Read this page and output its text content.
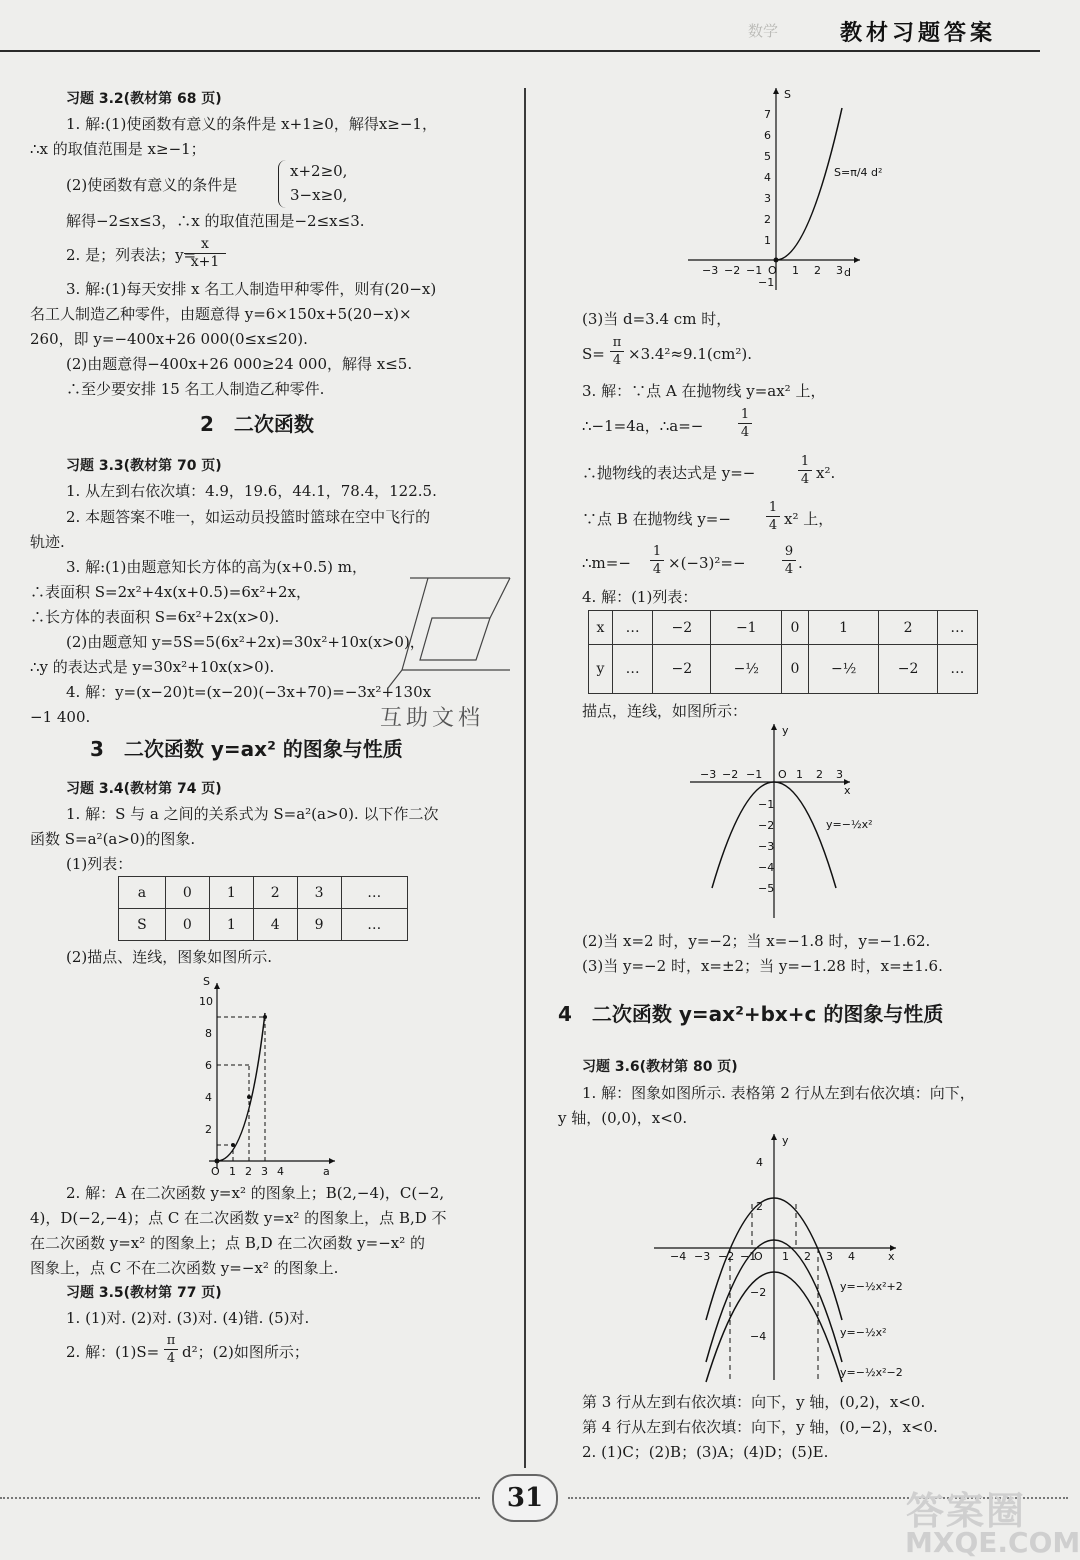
数学	教材习题答案
习题 3.2(教材第 68 页)
1. 解:(1)使函数有意义的条件是 x+1≥0，解得x≥−1，
∴x 的取值范围是 x≥−1；
(2)使函数有意义的条件是
x+2≥0,
3−x≥0,
解得−2≤x≤3，∴x 的取值范围是−2≤x≤3.
2. 是；列表法；y=
$\frac{x}{x+1}$
3. 解:(1)每天安排 x 名工人制造甲种零件，则有(20−x)
名工人制造乙种零件，由题意得 y=6×150x+5(20−x)×
260，即 y=−400x+26 000(0≤x≤20).
(2)由题意得−400x+26 000≥24 000，解得 x≤5.
∴至少要安排 15 名工人制造乙种零件.
2　二次函数
习题 3.3(教材第 70 页)
1. 从左到右依次填：4.9，19.6，44.1，78.4，122.5.
2. 本题答案不唯一，如运动员投篮时篮球在空中飞行的
轨迹.
3. 解:(1)由题意知长方体的高为(x+0.5) m，
∴表面积 S=2x²+4x(x+0.5)=6x²+2x，
∴长方体的表面积 S=6x²+2x(x>0).
(2)由题意知 y=5S=5(6x²+2x)=30x²+10x(x>0)，
∴y 的表达式是 y=30x²+10x(x>0).
4. 解：y=(x−20)t=(x−20)(−3x+70)=−3x²+130x
−1 400.	互助文档
3　二次函数 y=ax² 的图象与性质
习题 3.4(教材第 74 页)
1. 解：S 与 a 之间的关系式为 S=a²(a>0). 以下作二次
函数 S=a²(a>0)的图象.
(1)列表：
a	0	1	2	3	…
S	0	1	4	9	…
(2)描点、连线，图象如图所示.
S
a
O 1 2 3 4
2
4
6
8
10
2. 解：A 在二次函数 y=x² 的图象上；B(2,−4)，C(−2,
4)，D(−2,−4)；点 C 在二次函数 y=x² 的图象上，点 B,D 不
在二次函数 y=x² 的图象上；点 B,D 在二次函数 y=−x² 的
图象上，点 C 不在二次函数 y=−x² 的图象上.
习题 3.5(教材第 77 页)
1. (1)对. (2)对. (3)对. (4)错. (5)对.
2. 解：$(1)S= \frac{\pi}{4} d^2$；(2)如图所示；
S
d
O
−3 −2 −1	1 2 3
−1
1
2
3
4
5
6
7
S=π/4 d²
(3)当 d=3.4 cm 时，
$S= \frac{\pi}{4} \times 3.4^2\approx 9.1(cm^2)$.
3. 解：∵点 A 在抛物线 y=ax² 上，
∴−1=4a，∴a=−	$\frac{1}{4}$
∴抛物线的表达式是 y=−	$\frac{1}{4} x^2$.
∵点 B 在抛物线 y=−	$\frac{1}{4} x^2$ 上，
∴m=− $\frac{1}{4} \times(-3)^2=-$	$\frac{9}{4}$ .
4. 解：(1)列表：
x	…	−2	−1	0	1	2	…
y	…	−2	−½	0	−½	−2	…
描点，连线，如图所示：
y
x
O
−3 −2 −1	1 2 3
−1
−2
−3
−4
−5
y=−½x²
(2)当 x=2 时，y=−2；当 x=−1.8 时，y=−1.62.
(3)当 y=−2 时，x=±2；当 y=−1.28 时，x=±1.6.
4　二次函数 y=ax²+bx+c 的图象与性质
习题 3.6(教材第 80 页)
1. 解：图象如图所示. 表格第 2 行从左到右依次填：向下，
y 轴，(0,0)，x<0.
y
x
O
−4 −3 −2 −1 1 2 3 4
4
2
−2
−4
y=−½x²+2
y=−½x²
y=−½x²−2
第 3 行从左到右依次填：向下，y 轴，(0,2)，x<0.
第 4 行从左到右依次填：向下，y 轴，(0,−2)，x<0.
2. (1)C；(2)B；(3)A；(4)D；(5)E.
31	答案圈
MXQE.COM
